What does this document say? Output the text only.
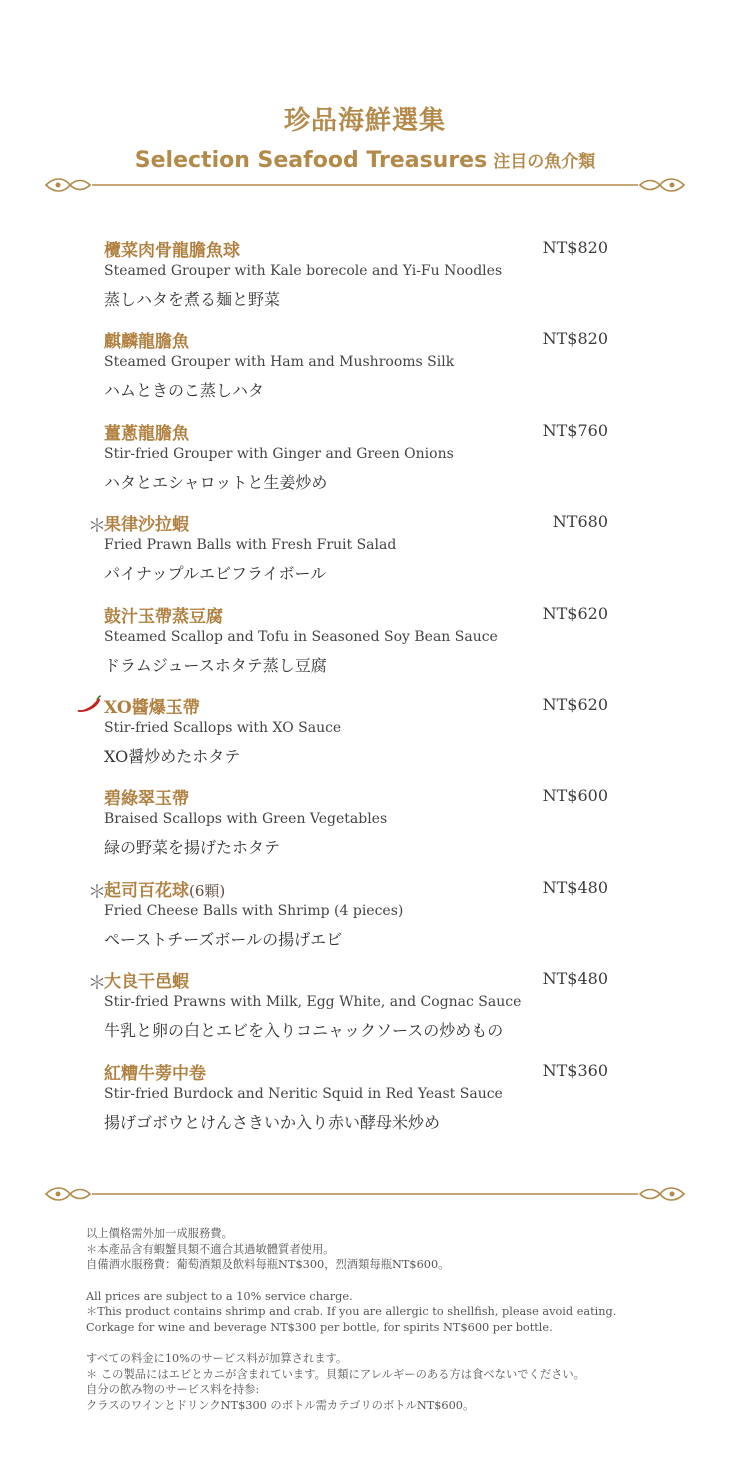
珍品海鮮選集
Selection Seafood Treasures 注目の魚介類
欖菜肉骨龍膽魚球	NT$820
Steamed Grouper with Kale borecole and Yi-Fu Noodles
蒸しハタを煮る麺と野菜
麒麟龍膽魚	NT$820
Steamed Grouper with Ham and Mushrooms Silk
ハムときのこ蒸しハタ
薑蔥龍膽魚	NT$760
Stir-fried Grouper with Ginger and Green Onions
ハタとエシャロットと生姜炒め
＊
果律沙拉蝦	NT680
Fried Prawn Balls with Fresh Fruit Salad
パイナップルエビフライボール
鼓汁玉帶蒸豆腐	NT$620
Steamed Scallop and Tofu in Seasoned Soy Bean Sauce
ドラムジュースホタテ蒸し豆腐
XO醬爆玉帶	NT$620
Stir-fried Scallops with XO Sauce
XO醤炒めたホタテ
碧綠翠玉帶	NT$600
Braised Scallops with Green Vegetables
緑の野菜を揚げたホタテ
＊
起司百花球(6顆)	NT$480
Fried Cheese Balls with Shrimp (4 pieces)
ペーストチーズボールの揚げエビ
＊
大良干邑蝦	NT$480
Stir-fried Prawns with Milk, Egg White, and Cognac Sauce
牛乳と卵の白とエビを入りコニャックソースの炒めもの
紅糟牛蒡中卷	NT$360
Stir-fried Burdock and Neritic Squid in Red Yeast Sauce
揚げゴボウとけんさきいか入り赤い酵母米炒め

以上價格需外加一成服務費。

＊本產品含有蝦蟹貝類不適合其過敏體質者使用。

自備酒水服務費：葡萄酒類及飲料每瓶NT$300，烈酒類每瓶NT$600。

All prices are subject to a 10% service charge.

＊This product contains shrimp and crab. If you are allergic to shellfish, please avoid eating.

Corkage for wine and beverage NT$300 per bottle, for spirits NT$600 per bottle.

すべての料金に10%のサービス料が加算されます。

＊ この製品にはエビとカニが含まれています。貝類にアレルギーのある方は食べないでください。

自分の飲み物のサービス料を持参:

クラスのワインとドリンクNT$300 のボトル需カテゴリのボトルNT$600。
